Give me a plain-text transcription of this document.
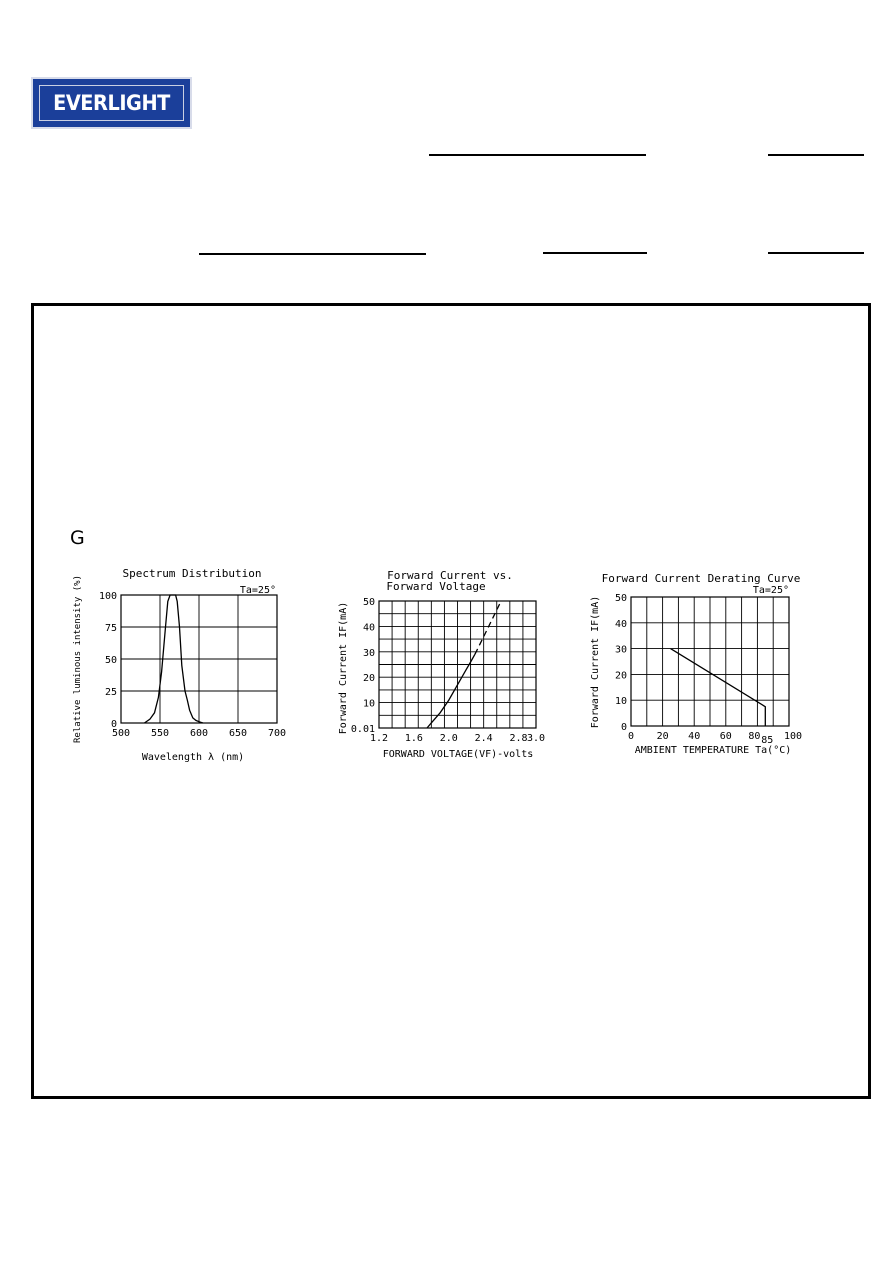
EVERLIGHT
G
Spectrum Distribution
Ta=25°
Relative luminous intensity (%)
Wavelength λ (nm)
500 550 600 650 700
0
25
50
75
100
Forward Current vs.
Forward Voltage
Forward Current IF(mA)
FORWARD VOLTAGE(VF)-volts
1.2 1.6 2.0 2.4 2.8 3.0
0.01
10
20
30
40
50
Forward Current Derating Curve
Ta=25°
Forward Current IF(mA)
AMBIENT TEMPERATURE Ta(°C)
0 20 40 60 80 85 100
0
10
20
30
40
50
